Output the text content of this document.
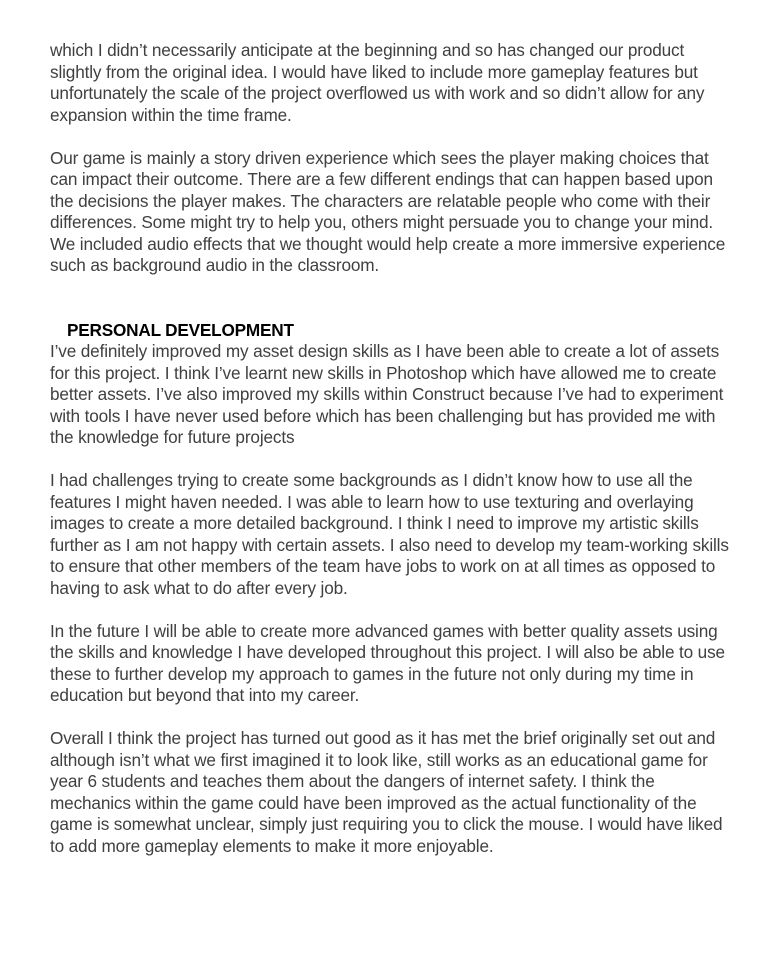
which I didn’t necessarily anticipate at the beginning and so has changed our product slightly from the original idea. I would have liked to include more gameplay features but unfortunately the scale of the project overflowed us with work and so didn’t allow for any expansion within the time frame.

Our game is mainly a story driven experience which sees the player making choices that can impact their outcome. There are a few different endings that can happen based upon the decisions the player makes. The characters are relatable people who come with their differences. Some might try to help you, others might persuade you to change your mind. We included audio effects that we thought would help create a more immersive experience such as background audio in the classroom.

PERSONAL DEVELOPMENT

I’ve definitely improved my asset design skills as I have been able to create a lot of assets for this project. I think I’ve learnt new skills in Photoshop which have allowed me to create better assets. I’ve also improved my skills within Construct because I’ve had to experiment with tools I have never used before which has been challenging but has provided me with the knowledge for future projects

I had challenges trying to create some backgrounds as I didn’t know how to use all the features I might haven needed. I was able to learn how to use texturing and overlaying images to create a more detailed background. I think I need to improve my artistic skills further as I am not happy with certain assets. I also need to develop my team-working skills to ensure that other members of the team have jobs to work on at all times as opposed to having to ask what to do after every job.

In the future I will be able to create more advanced games with better quality assets using the skills and knowledge I have developed throughout this project. I will also be able to use these to further develop my approach to games in the future not only during my time in education but beyond that into my career.

Overall I think the project has turned out good as it has met the brief originally set out and although isn’t what we first imagined it to look like, still works as an educational game for year 6 students and teaches them about the dangers of internet safety. I think the mechanics within the game could have been improved as the actual functionality of the game is somewhat unclear, simply just requiring you to click the mouse. I would have liked to add more gameplay elements to make it more enjoyable.
